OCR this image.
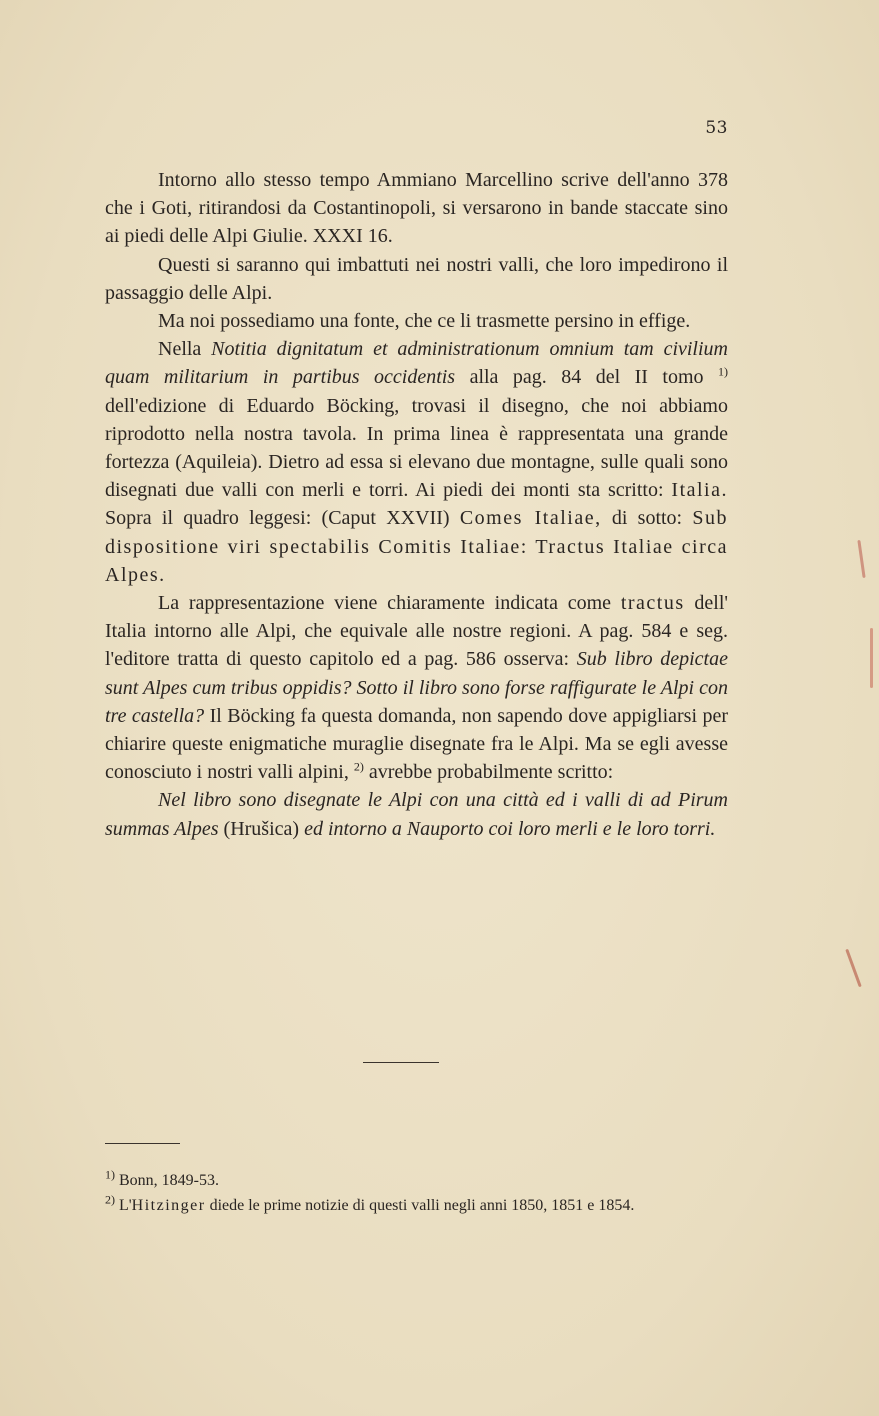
53

Intorno allo stesso tempo Ammiano Marcellino scrive dell'anno 378 che i Goti, ritirandosi da Costantinopoli, si versarono in bande staccate sino ai piedi delle Alpi Giulie. XXXI 16.

Questi si saranno qui imbattuti nei nostri valli, che loro impedirono il passaggio delle Alpi.

Ma noi possediamo una fonte, che ce li trasmette persino in effige.

Nella Notitia dignitatum et administrationum omnium tam civilium quam militarium in partibus occidentis alla pag. 84 del II tomo $^{1)}$ dell'edizione di Eduardo Böcking, trovasi il disegno, che noi abbiamo riprodotto nella nostra tavola. In prima linea è rappresentata una grande fortezza (Aquileia). Dietro ad essa si elevano due montagne, sulle quali sono disegnati due valli con merli e torri. Ai piedi dei monti sta scritto: Italia. Sopra il quadro leggesi: (Caput XXVII) Comes Italiae, di sotto: Sub dispositione viri spectabilis Comitis Italiae: Tractus Italiae circa Alpes.

La rappresentazione viene chiaramente indicata come tractus dell' Italia intorno alle Alpi, che equivale alle nostre regioni. A pag. 584 e seg. l'editore tratta di questo capitolo ed a pag. 586 osserva: Sub libro depictae sunt Alpes cum tribus oppidis? Sotto il libro sono forse raffigurate le Alpi con tre castella? Il Böcking fa questa domanda, non sapendo dove appigliarsi per chiarire queste enigmatiche muraglie disegnate fra le Alpi. Ma se egli avesse conosciuto i nostri valli alpini, $^{2)}$ avrebbe probabilmente scritto:

Nel libro sono disegnate le Alpi con una città ed i valli di ad Pirum summas Alpes (Hrušica) ed intorno a Nauporto coi loro merli e le loro torri.

$^{1)}$ Bonn, 1849-53.

$^{2)}$ L'Hitzinger diede le prime notizie di questi valli negli anni 1850, 1851 e 1854.
